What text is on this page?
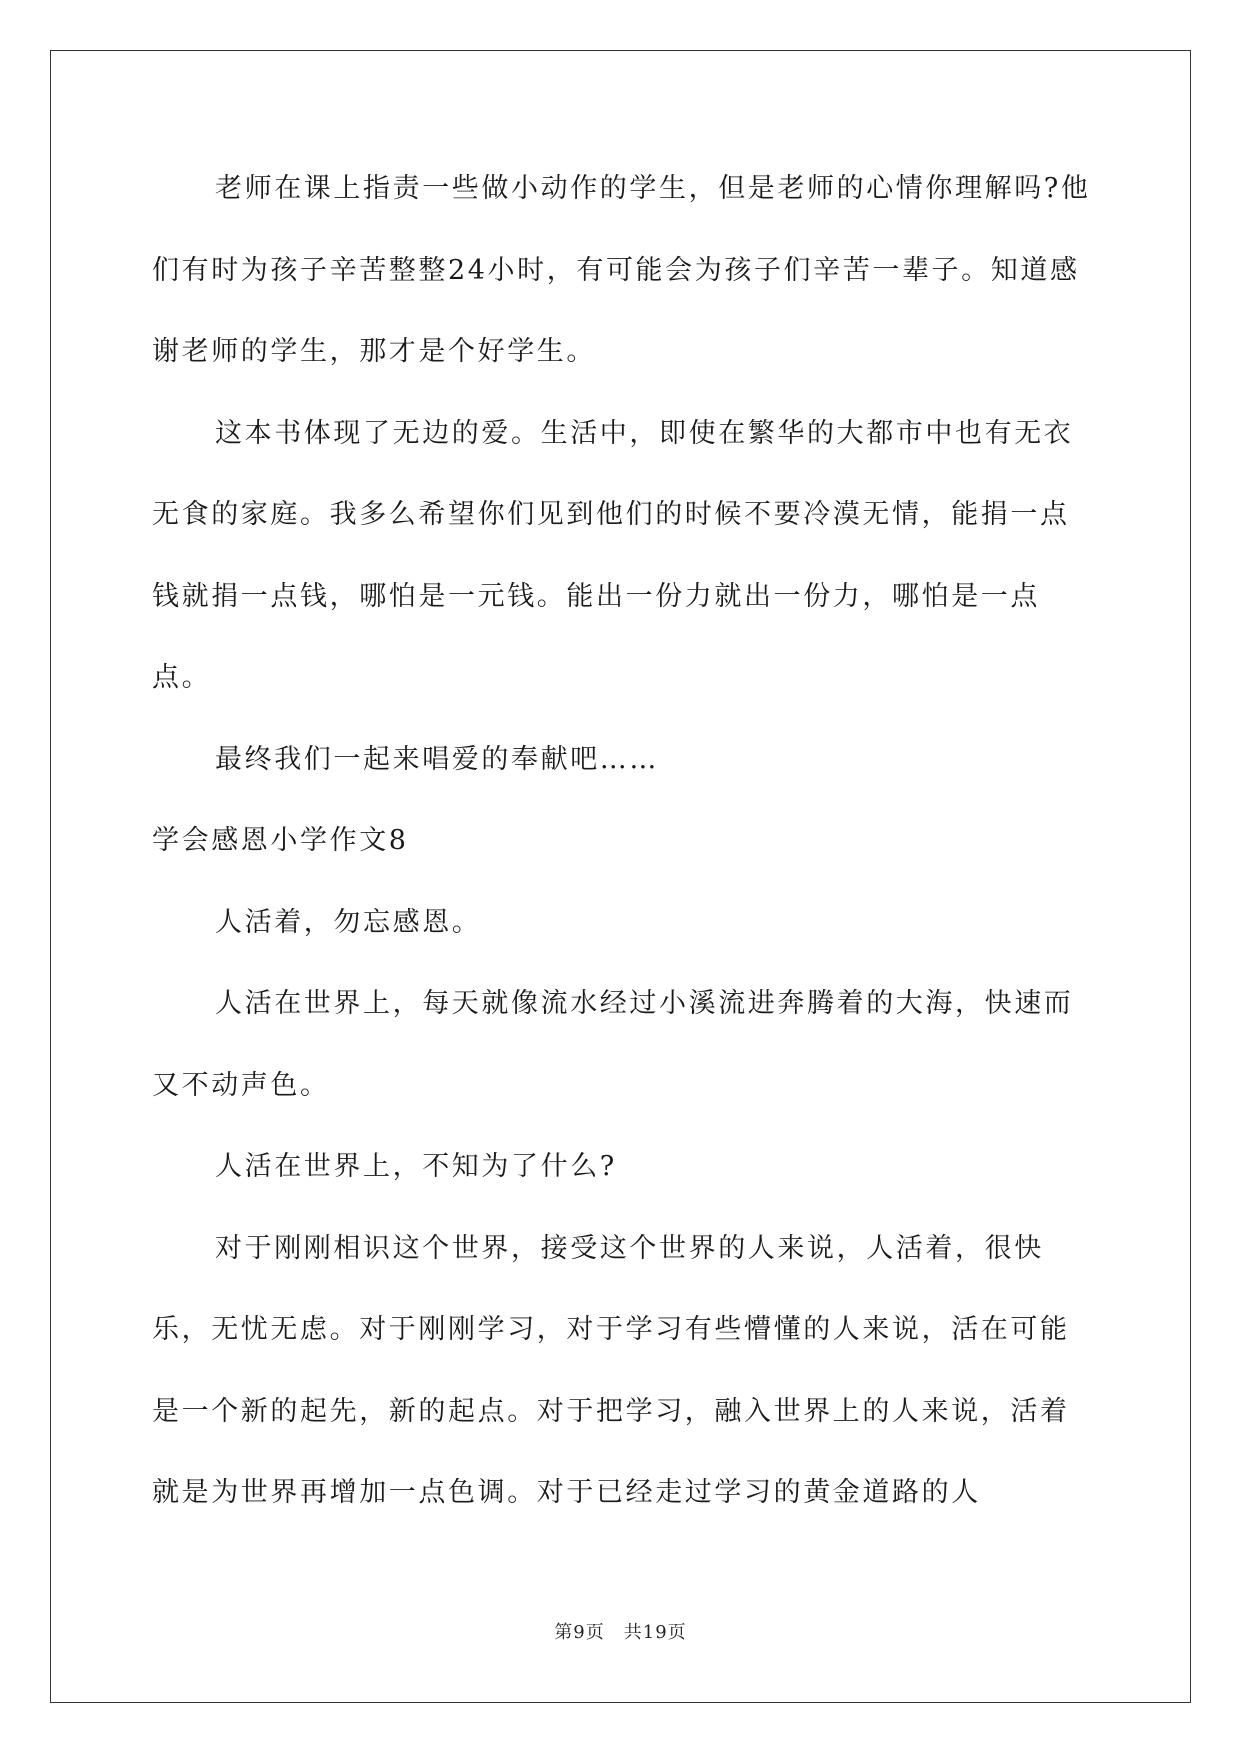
老师在课上指责一些做小动作的学生，但是老师的心情你理解吗?他们有时为孩子辛苦整整24小时，有可能会为孩子们辛苦一辈子。知道感谢老师的学生，那才是个好学生。

这本书体现了无边的爱。生活中，即使在繁华的大都市中也有无衣无食的家庭。我多么希望你们见到他们的时候不要冷漠无情，能捐一点钱就捐一点钱，哪怕是一元钱。能出一份力就出一份力，哪怕是一点点。

最终我们一起来唱爱的奉献吧……

学会感恩小学作文8

人活着，勿忘感恩。

人活在世界上，每天就像流水经过小溪流进奔腾着的大海，快速而又不动声色。

人活在世界上，不知为了什么?

对于刚刚相识这个世界，接受这个世界的人来说，人活着，很快乐，无忧无虑。对于刚刚学习，对于学习有些懵懂的人来说，活在可能是一个新的起先，新的起点。对于把学习，融入世界上的人来说，活着就是为世界再增加一点色调。对于已经走过学习的黄金道路的人

第9页　共19页
